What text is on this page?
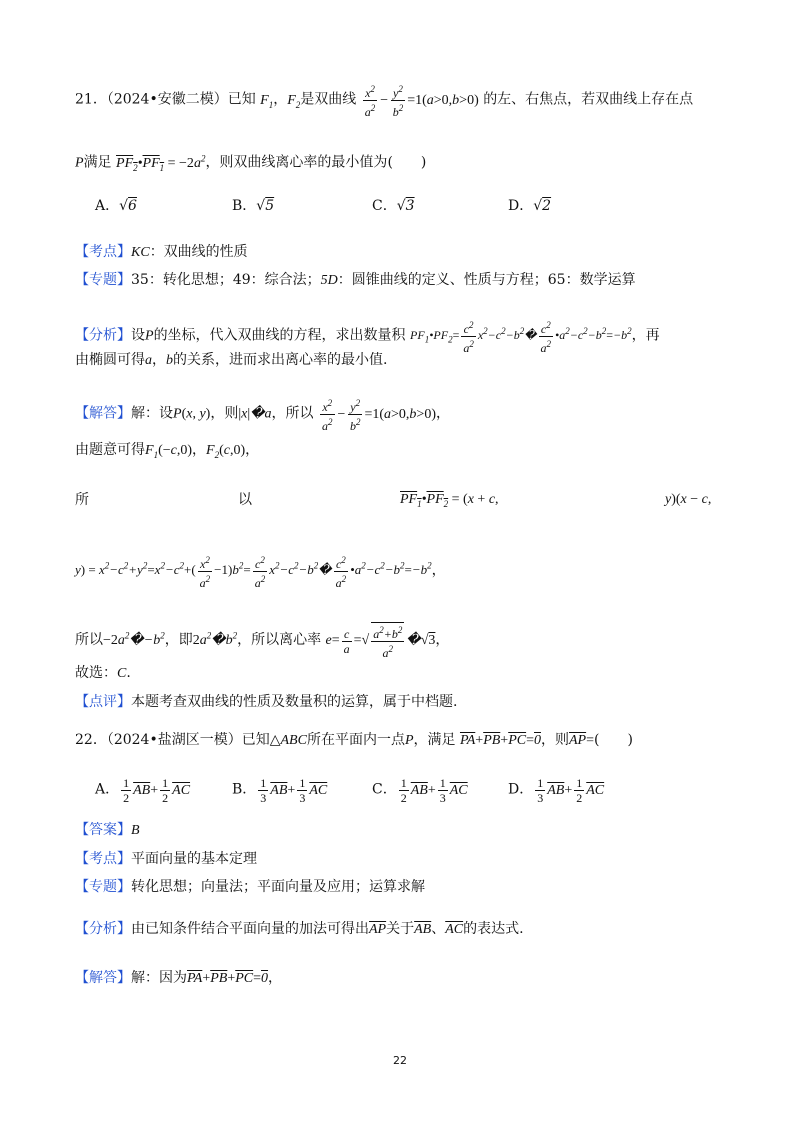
21．（2024•安徽二模）已知 $F_1$，$F_2$是双曲线 $\frac{x^2}{a^2} - \frac{y^2}{b^2} =1(a>0,b>0)$ 的左、右焦点，若双曲线上存在点
P满足 $PF_2•PF_1 = -2a^2$，则双曲线离心率的最小值为(　　)
A．√6	B．√5	C．√3	D．√2
【考点】KC：双曲线的性质
【专题】35：转化思想；49：综合法；5D：圆锥曲线的定义、性质与方程；65：数学运算
【分析】设P的坐标，代入双曲线的方程，求出数量积 $PF_1•PF_2= \frac{c^2}{a^2}$ $x^2-c^2-b^2� \frac{c^2}{a^2}$ $•a^2-c^2-b^2=-b^2$，再
由椭圆可得a，b的关系，进而求出离心率的最小值.
【解答】解：设P(x, y)，则|x|�a，所以 $\frac{x^2}{a^2} - \frac{y^2}{b^2} =1(a>0,b>0)$，
由题意可得$F_1(-c,0)$，$F_2(c,0)$，
所	以	$PF_1•PF_2 = (x + c$,	y)(x − c,
$y) = x^2-c^2+y^2=x^2-c^2+( \frac{x^2}{a^2} -1)b^2= \frac{c^2}{a^2}$ $x^2-c^2-b^2� \frac{c^2}{a^2}$ $•a^2-c^2-b^2=-b^2$，
所以$-2a^2�-b^2$，即$2a^2�b^2$，所以离心率 $e= \frac{c}{a}$ =√ $\frac{a^2+b^2}{a^2}$ �√3，
故选：C.
【点评】本题考查双曲线的性质及数量积的运算，属于中档题.
22．（2024•盐湖区一模）已知△ABC所在平面内一点P，满足 $\overline{PA}+\overline{PB}+\overline{PC}=0$，则$\overline{AP}=$(　　)
A． $\frac{1}{2} \overline{AB}+ \frac{1}{2} \overline{AC}$	B． $\frac{1}{3} \overline{AB}+ \frac{1}{3} \overline{AC}$	C． $\frac{1}{2} \overline{AB}+ \frac{1}{3} \overline{AC}$	D． $\frac{1}{3} \overline{AB}+ \frac{1}{2} \overline{AC}$
【答案】B
【考点】平面向量的基本定理
【专题】转化思想；向量法；平面向量及应用；运算求解
【分析】由已知条件结合平面向量的加法可得出$\overline{AP}$关于$\overline{AB}$、$\overline{AC}$的表达式.
【解答】解：因为$\overline{PA}+\overline{PB}+\overline{PC}=0$，
22
